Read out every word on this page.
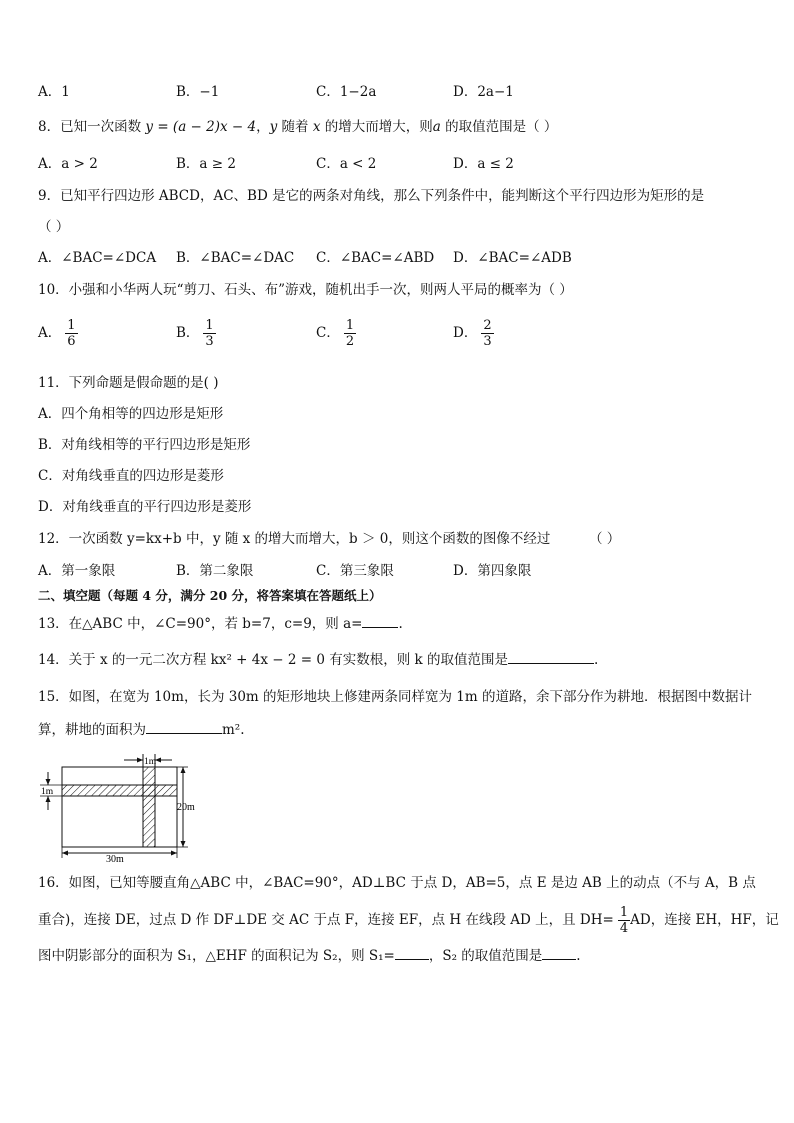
A．1	B．−1	C．1−2a	D．2a−1
8．已知一次函数 y = (a − 2)x − 4，y 随着 x 的增大而增大，则a 的取值范围是（ ）
A．a > 2	B．a ≥ 2	C．a < 2	D．a ≤ 2
9．已知平行四边形 ABCD，AC、BD 是它的两条对角线，那么下列条件中，能判断这个平行四边形为矩形的是
（ ）
A．∠BAC=∠DCA B．∠BAC=∠DAC C．∠BAC=∠ABD D．∠BAC=∠ADB
10．小强和小华两人玩“剪刀、石头、布”游戏，随机出手一次，则两人平局的概率为（ ）
A． $\frac{1}{6}$	B． $\frac{1}{3}$	C． $\frac{1}{2}$	D． $\frac{2}{3}$
11．下列命题是假命题的是( )
A．四个角相等的四边形是矩形
B．对角线相等的平行四边形是矩形
C．对角线垂直的四边形是菱形
D．对角线垂直的平行四边形是菱形
12．一次函数 y=kx+b 中，y 随 x 的增大而增大，b ＞ 0，则这个函数的图像不经过	（ ）
A．第一象限	B．第二象限	C．第三象限	D．第四象限
二、填空题（每题 4 分，满分 20 分，将答案填在答题纸上）
13．在△ABC 中，∠C=90°，若 b=7，c=9，则 a=	.
14．关于 x 的一元二次方程 kx² + 4x − 2 = 0 有实数根，则 k 的取值范围是	.
15．如图，在宽为 10m，长为 30m 的矩形地块上修建两条同样宽为 1m 的道路，余下部分作为耕地．根据图中数据计
算，耕地的面积为	m².
1m
1m
20m
30m
16．如图，已知等腰直角△ABC 中，∠BAC=90°，AD⊥BC 于点 D，AB=5，点 E 是边 AB 上的动点（不与 A，B 点
重合)，连接 DE，过点 D 作 DF⊥DE 交 AC 于点 F，连接 EF，点 H 在线段 AD 上，且 $DH= \frac{1}{4}$ AD，连接 EH，HF，记
图中阴影部分的面积为 S₁，△EHF 的面积记为 S₂，则 S₁=	，S₂ 的取值范围是	.
